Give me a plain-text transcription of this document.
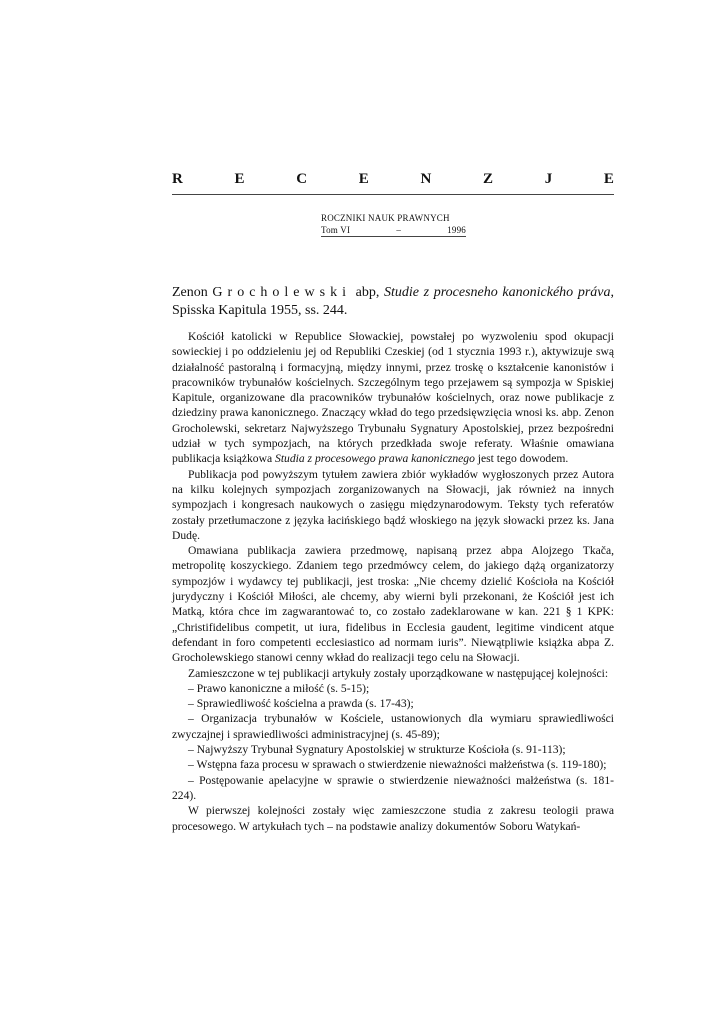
R	E	C	E	N	Z	J	E
ROCZNIKI NAUK PRAWNYCH
Tom VI	–	1996
Zenon Grocholewski abp, Studie z procesneho kanonického práva, Spisska Kapitula 1955, ss. 244.

Kościół katolicki w Republice Słowackiej, powstałej po wyzwoleniu spod okupacji sowieckiej i po oddzieleniu jej od Republiki Czeskiej (od 1 stycznia 1993 r.), aktywizuje swą działalność pastoralną i formacyjną, między innymi, przez troskę o kształcenie kanonistów i pracowników trybunałów kościelnych. Szczególnym tego przejawem są sympozja w Spiskiej Kapitule, organizowane dla pracowników trybunałów kościelnych, oraz nowe publikacje z dziedziny prawa kanonicznego. Znaczący wkład do tego przedsięwzięcia wnosi ks. abp. Zenon Grocholewski, sekretarz Najwyższego Trybunału Sygnatury Apostolskiej, przez bezpośredni udział w tych sympozjach, na których przedkłada swoje referaty. Właśnie omawiana publikacja książkowa Studia z procesowego prawa kanonicznego jest tego dowodem.

Publikacja pod powyższym tytułem zawiera zbiór wykładów wygłoszonych przez Autora na kilku kolejnych sympozjach zorganizowanych na Słowacji, jak również na innych sympozjach i kongresach naukowych o zasięgu międzynarodowym. Teksty tych referatów zostały przetłumaczone z języka łacińskiego bądź włoskiego na język słowacki przez ks. Jana Dudę.

Omawiana publikacja zawiera przedmowę, napisaną przez abpa Alojzego Tkača, metropolitę koszyckiego. Zdaniem tego przedmówcy celem, do jakiego dążą organizatorzy sympozjów i wydawcy tej publikacji, jest troska: „Nie chcemy dzielić Kościoła na Kościół jurydyczny i Kościół Miłości, ale chcemy, aby wierni byli przekonani, że Kościół jest ich Matką, która chce im zagwarantować to, co zostało zadeklarowane w kan. 221 § 1 KPK: „Christifidelibus competit, ut iura, fidelibus in Ecclesia gaudent, legitime vindicent atque defendant in foro competenti ecclesiastico ad normam iuris”. Niewątpliwie książka abpa Z. Grocholewskiego stanowi cenny wkład do realizacji tego celu na Słowacji.

Zamieszczone w tej publikacji artykuły zostały uporządkowane w następującej kolejności:

– Prawo kanoniczne a miłość (s. 5-15);
– Sprawiedliwość kościelna a prawda (s. 17-43);
– Organizacja trybunałów w Kościele, ustanowionych dla wymiaru sprawiedliwości zwyczajnej i sprawiedliwości administracyjnej (s. 45-89);
– Najwyższy Trybunał Sygnatury Apostolskiej w strukturze Kościoła (s. 91-113);
– Wstępna faza procesu w sprawach o stwierdzenie nieważności małżeństwa (s. 119-180);
– Postępowanie apelacyjne w sprawie o stwierdzenie nieważności małżeństwa (s. 181-224).

W pierwszej kolejności zostały więc zamieszczone studia z zakresu teologii prawa procesowego. W artykułach tych – na podstawie analizy dokumentów Soboru Watykań-
